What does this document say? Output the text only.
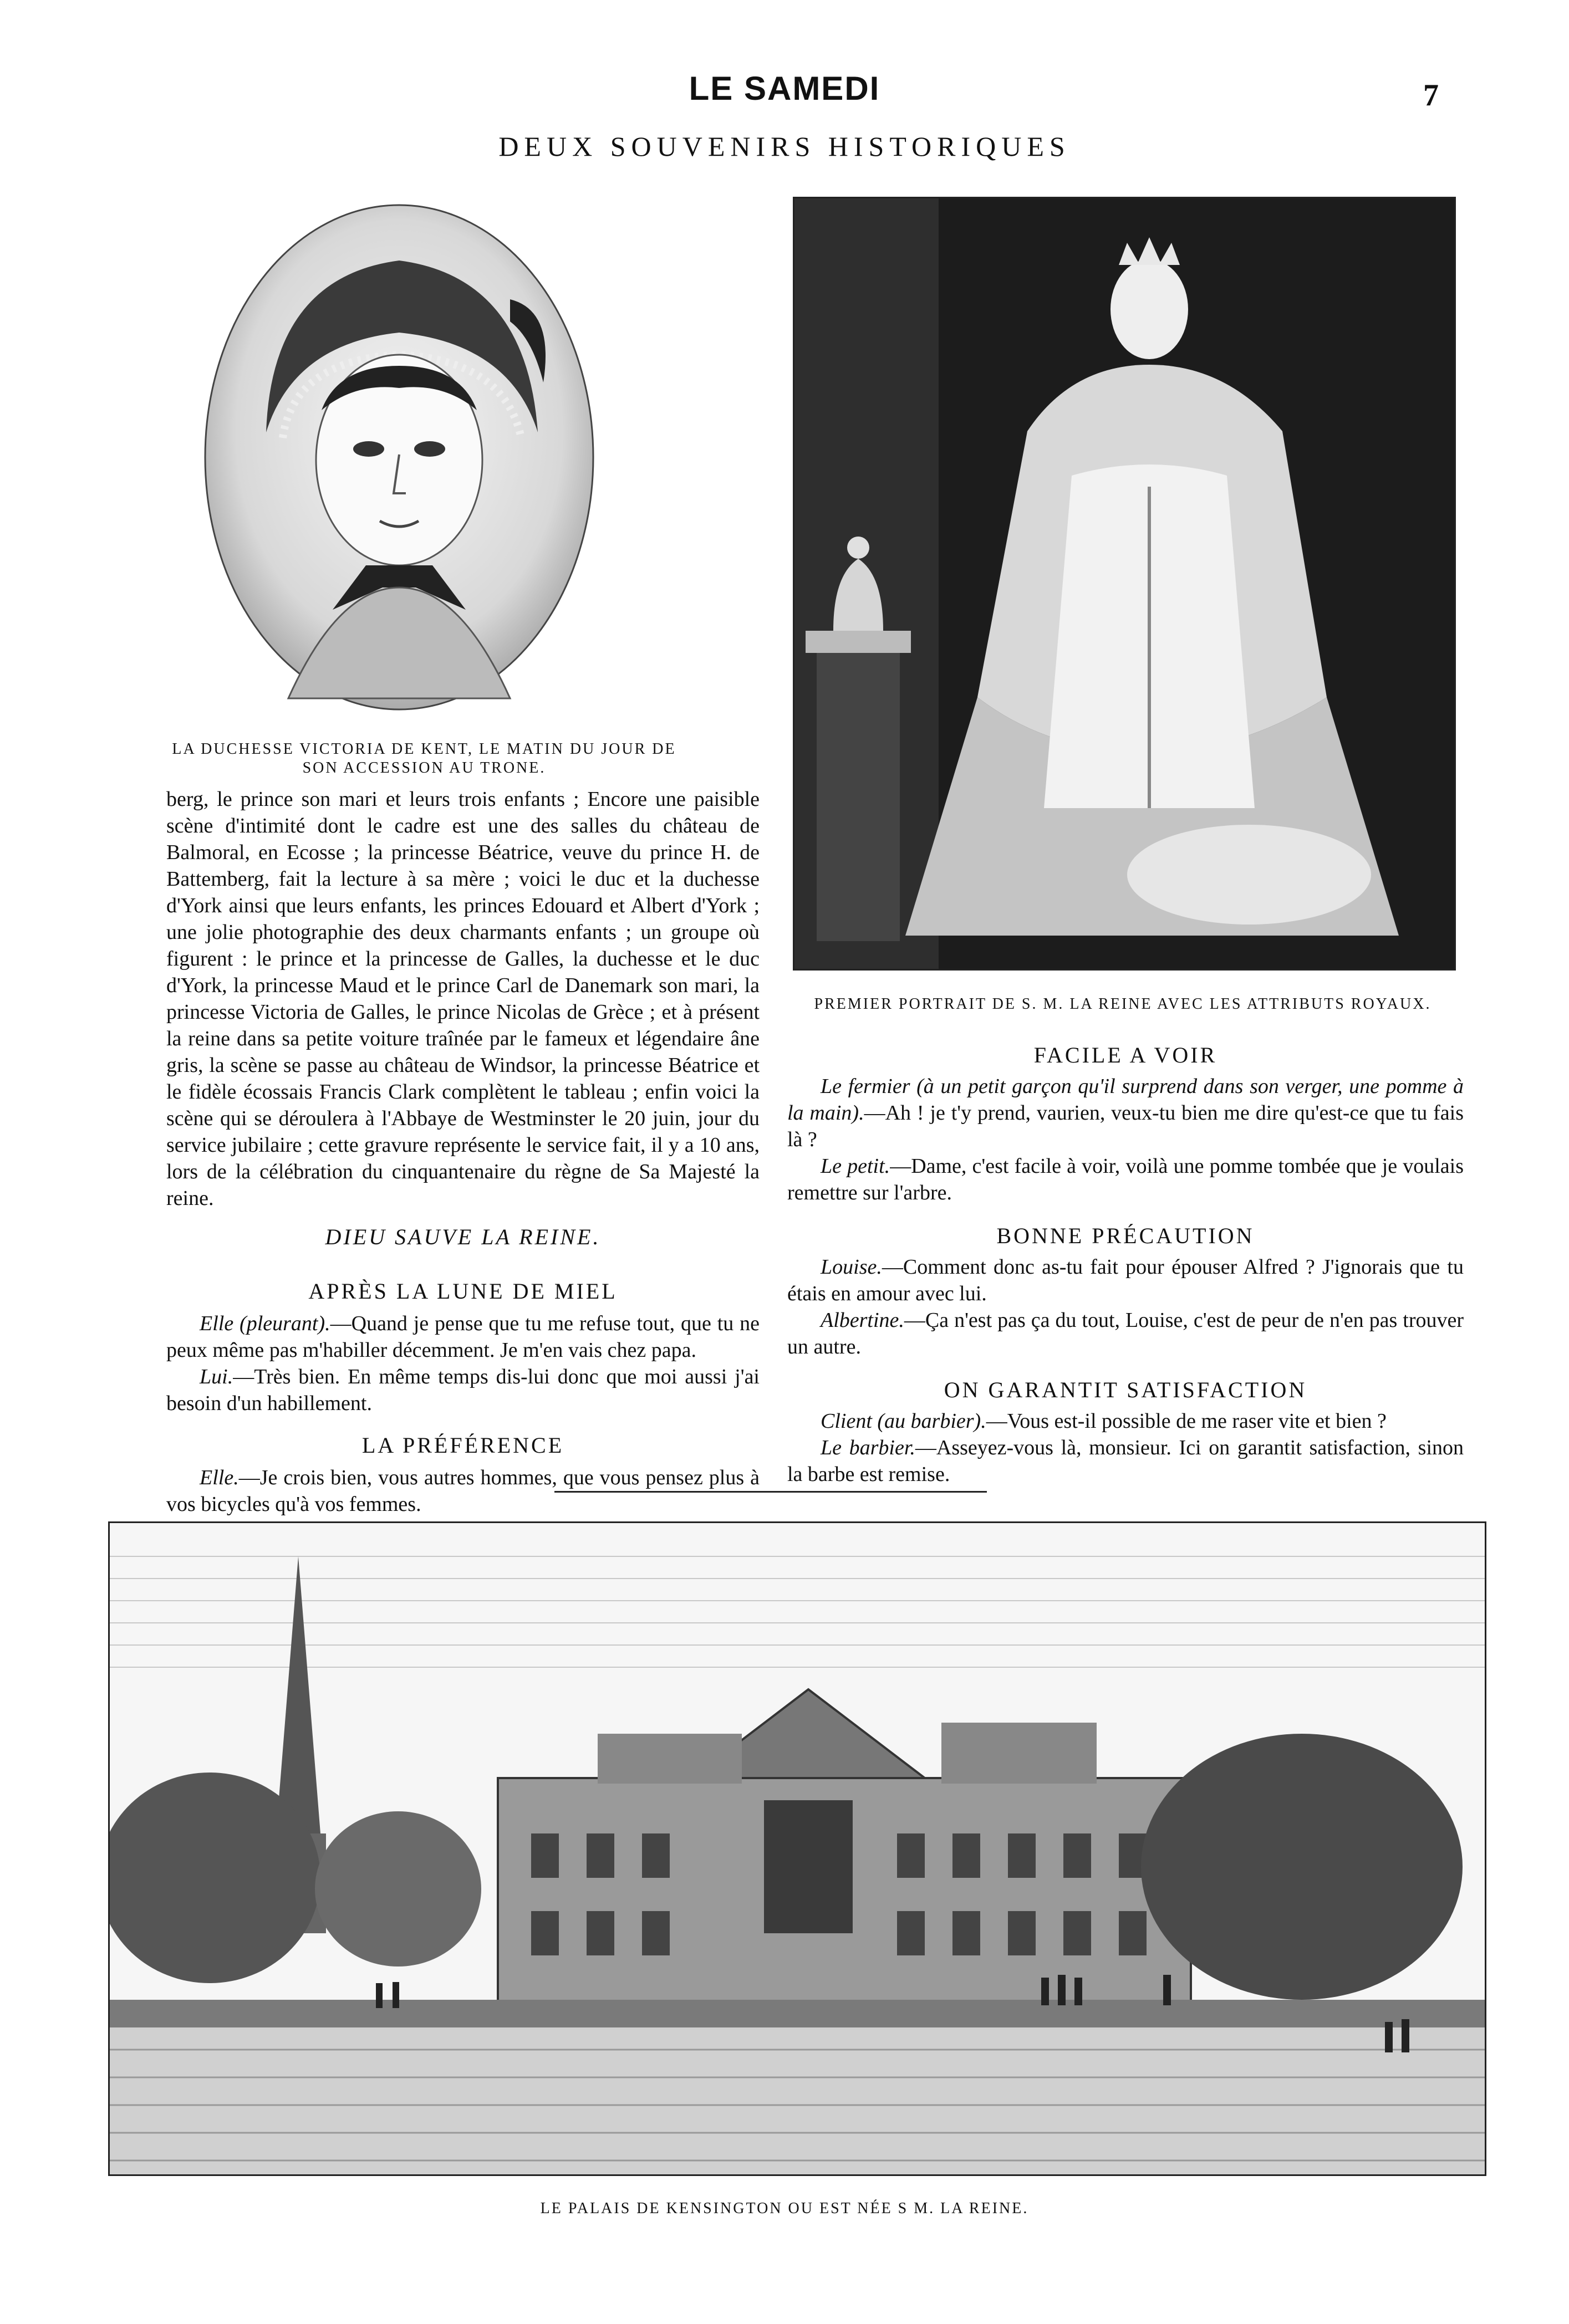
LE SAMEDI	7
DEUX SOUVENIRS HISTORIQUES
LA DUCHESSE VICTORIA DE KENT, LE MATIN DU JOUR DE SON ACCESSION AU TRONE.
PREMIER PORTRAIT DE S. M. LA REINE AVEC LES ATTRIBUTS ROYAUX.

berg, le prince son mari et leurs trois enfants ; Encore une paisible scène d'intimité dont le cadre est une des salles du château de Balmoral, en Ecosse ; la princesse Béatrice, veuve du prince H. de Battemberg, fait la lecture à sa mère ; voici le duc et la duchesse d'York ainsi que leurs enfants, les princes Edouard et Albert d'York ; une jolie photographie des deux charmants enfants ; un groupe où figurent : le prince et la princesse de Galles, la duchesse et le duc d'York, la princesse Maud et le prince Carl de Danemark son mari, la princesse Victoria de Galles, le prince Nicolas de Grèce ; et à présent la reine dans sa petite voiture traînée par le fameux et légendaire âne gris, la scène se passe au château de Windsor, la princesse Béatrice et le fidèle écossais Francis Clark complètent le tableau ; enfin voici la scène qui se déroulera à l'Abbaye de Westminster le 20 juin, jour du service jubilaire ; cette gravure représente le service fait, il y a 10 ans, lors de la célébration du cinquantenaire du règne de Sa Majesté la reine.

DIEU SAUVE LA REINE.

APRÈS LA LUNE DE MIEL

Elle (pleurant).—Quand je pense que tu me refuse tout, que tu ne peux même pas m'habiller décemment. Je m'en vais chez papa.

Lui.—Très bien. En même temps dis-lui donc que moi aussi j'ai besoin d'un habillement.

LA PRÉFÉRENCE

Elle.—Je crois bien, vous autres hommes, que vous pensez plus à vos bicycles qu'à vos femmes.

FACILE A VOIR

Le fermier (à un petit garçon qu'il surprend dans son verger, une pomme à la main).—Ah ! je t'y prend, vaurien, veux-tu bien me dire qu'est-ce que tu fais là ?

Le petit.—Dame, c'est facile à voir, voilà une pomme tombée que je voulais remettre sur l'arbre.

BONNE PRÉCAUTION

Louise.—Comment donc as-tu fait pour épouser Alfred ? J'ignorais que tu étais en amour avec lui.

Albertine.—Ça n'est pas ça du tout, Louise, c'est de peur de n'en pas trouver un autre.

ON GARANTIT SATISFACTION

Client (au barbier).—Vous est-il possible de me raser vite et bien ?

Le barbier.—Asseyez-vous là, monsieur. Ici on garantit satisfaction, sinon la barbe est remise.

LE PALAIS DE KENSINGTON OU EST NÉE S M. LA REINE.
